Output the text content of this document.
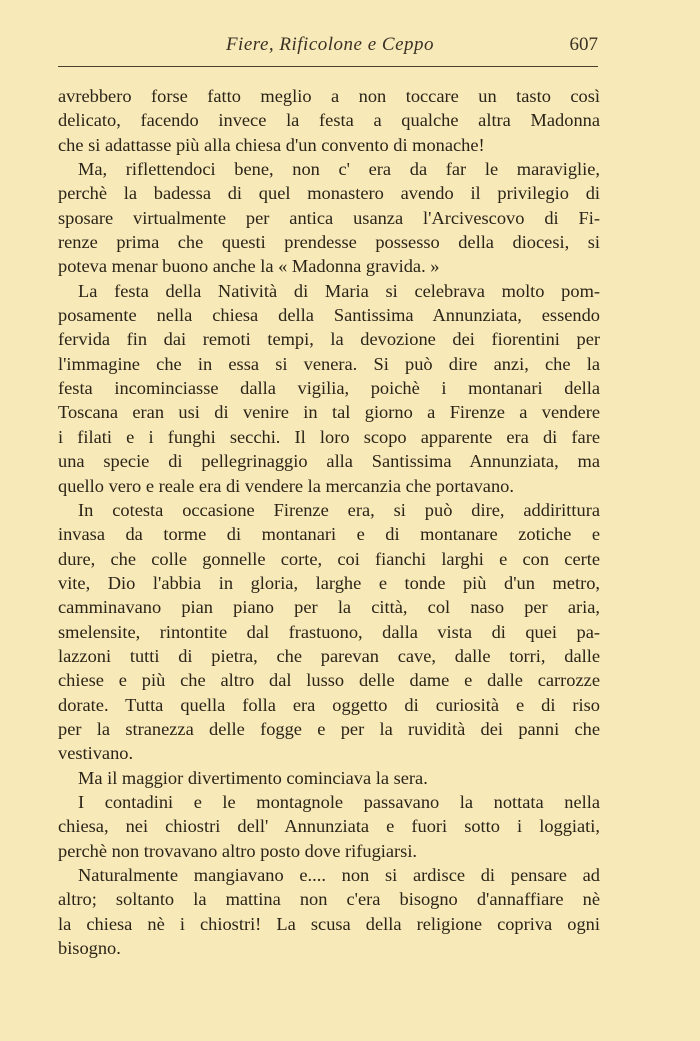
Fiere, Rificolone e Ceppo	607

avrebbero forse fatto meglio a non toccare un tasto così
delicato, facendo invece la festa a qualche altra Madonna
che si adattasse più alla chiesa d'un convento di monache!

Ma, riflettendoci bene, non c' era da far le maraviglie,
perchè la badessa di quel monastero avendo il privilegio di
sposare virtualmente per antica usanza l'Arcivescovo di Fi-
renze prima che questi prendesse possesso della diocesi, si
poteva menar buono anche la « Madonna gravida. »

La festa della Natività di Maria si celebrava molto pom-
posamente nella chiesa della Santissima Annunziata, essendo
fervida fin dai remoti tempi, la devozione dei fiorentini per
l'immagine che in essa si venera. Si può dire anzi, che la
festa incominciasse dalla vigilia, poichè i montanari della
Toscana eran usi di venire in tal giorno a Firenze a vendere
i filati e i funghi secchi. Il loro scopo apparente era di fare
una specie di pellegrinaggio alla Santissima Annunziata, ma
quello vero e reale era di vendere la mercanzia che portavano.

In cotesta occasione Firenze era, si può dire, addirittura
invasa da torme di montanari e di montanare zotiche e
dure, che colle gonnelle corte, coi fianchi larghi e con certe
vite, Dio l'abbia in gloria, larghe e tonde più d'un metro,
camminavano pian piano per la città, col naso per aria,
smelensite, rintontite dal frastuono, dalla vista di quei pa-
lazzoni tutti di pietra, che parevan cave, dalle torri, dalle
chiese e più che altro dal lusso delle dame e dalle carrozze
dorate. Tutta quella folla era oggetto di curiosità e di riso
per la stranezza delle fogge e per la ruvidità dei panni che
vestivano.

Ma il maggior divertimento cominciava la sera.

I contadini e le montagnole passavano la nottata nella
chiesa, nei chiostri dell' Annunziata e fuori sotto i loggiati,
perchè non trovavano altro posto dove rifugiarsi.

Naturalmente mangiavano e.... non si ardisce di pensare ad
altro; soltanto la mattina non c'era bisogno d'annaffiare nè
la chiesa nè i chiostri! La scusa della religione copriva ogni
bisogno.
